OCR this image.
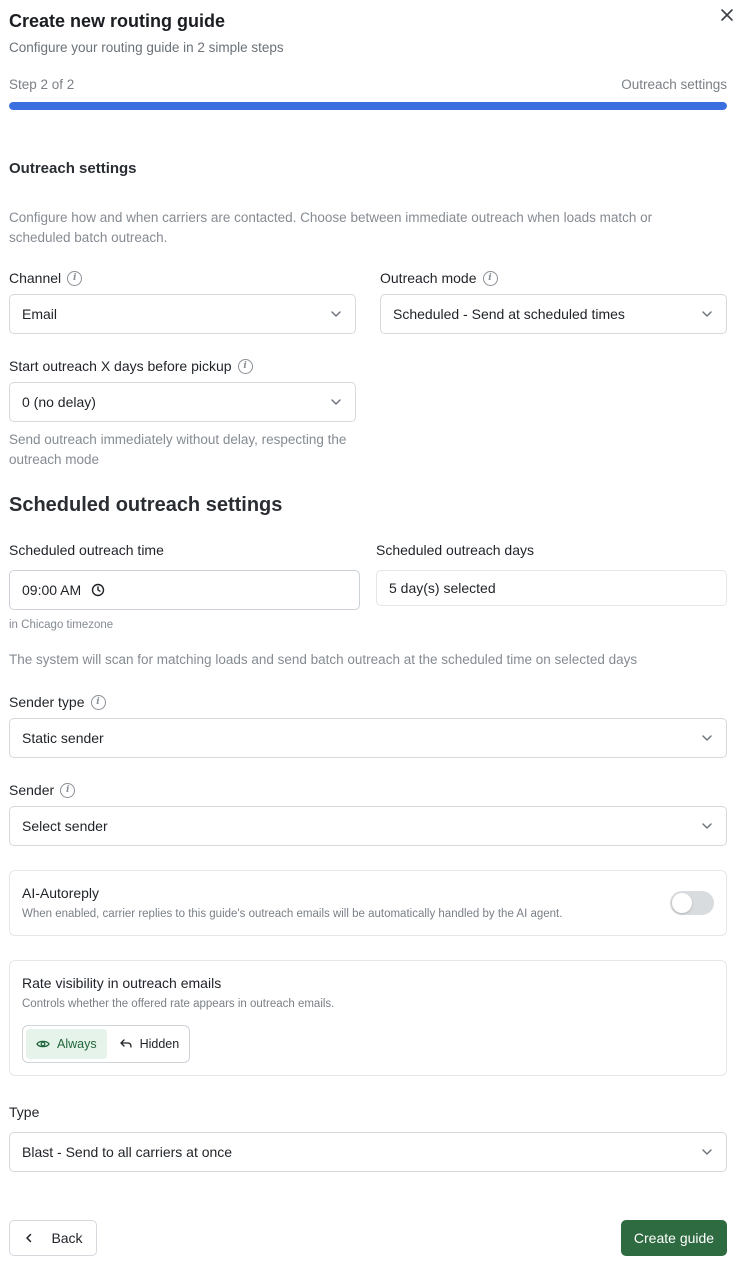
Create new routing guide
Configure your routing guide in 2 simple steps
Step 2 of 2	Outreach settings
Outreach settings
Configure how and when carriers are contacted. Choose between immediate outreach when loads match or scheduled batch outreach.
Channel	i
Email
Outreach mode	i
Scheduled - Send at scheduled times
Start outreach X days before pickup	i
0 (no delay)
Send outreach immediately without delay, respecting the outreach mode
Scheduled outreach settings
Scheduled outreach time
09:00 AM
Scheduled outreach days
5 day(s) selected
in Chicago timezone
The system will scan for matching loads and send batch outreach at the scheduled time on selected days
Sender type	i
Static sender
Sender	i
Select sender
AI-Autoreply
When enabled, carrier replies to this guide's outreach emails will be automatically handled by the AI agent.
Rate visibility in outreach emails
Controls whether the offered rate appears in outreach emails.
Always	Hidden
Type
Blast - Send to all carriers at once
Back	Create guide
